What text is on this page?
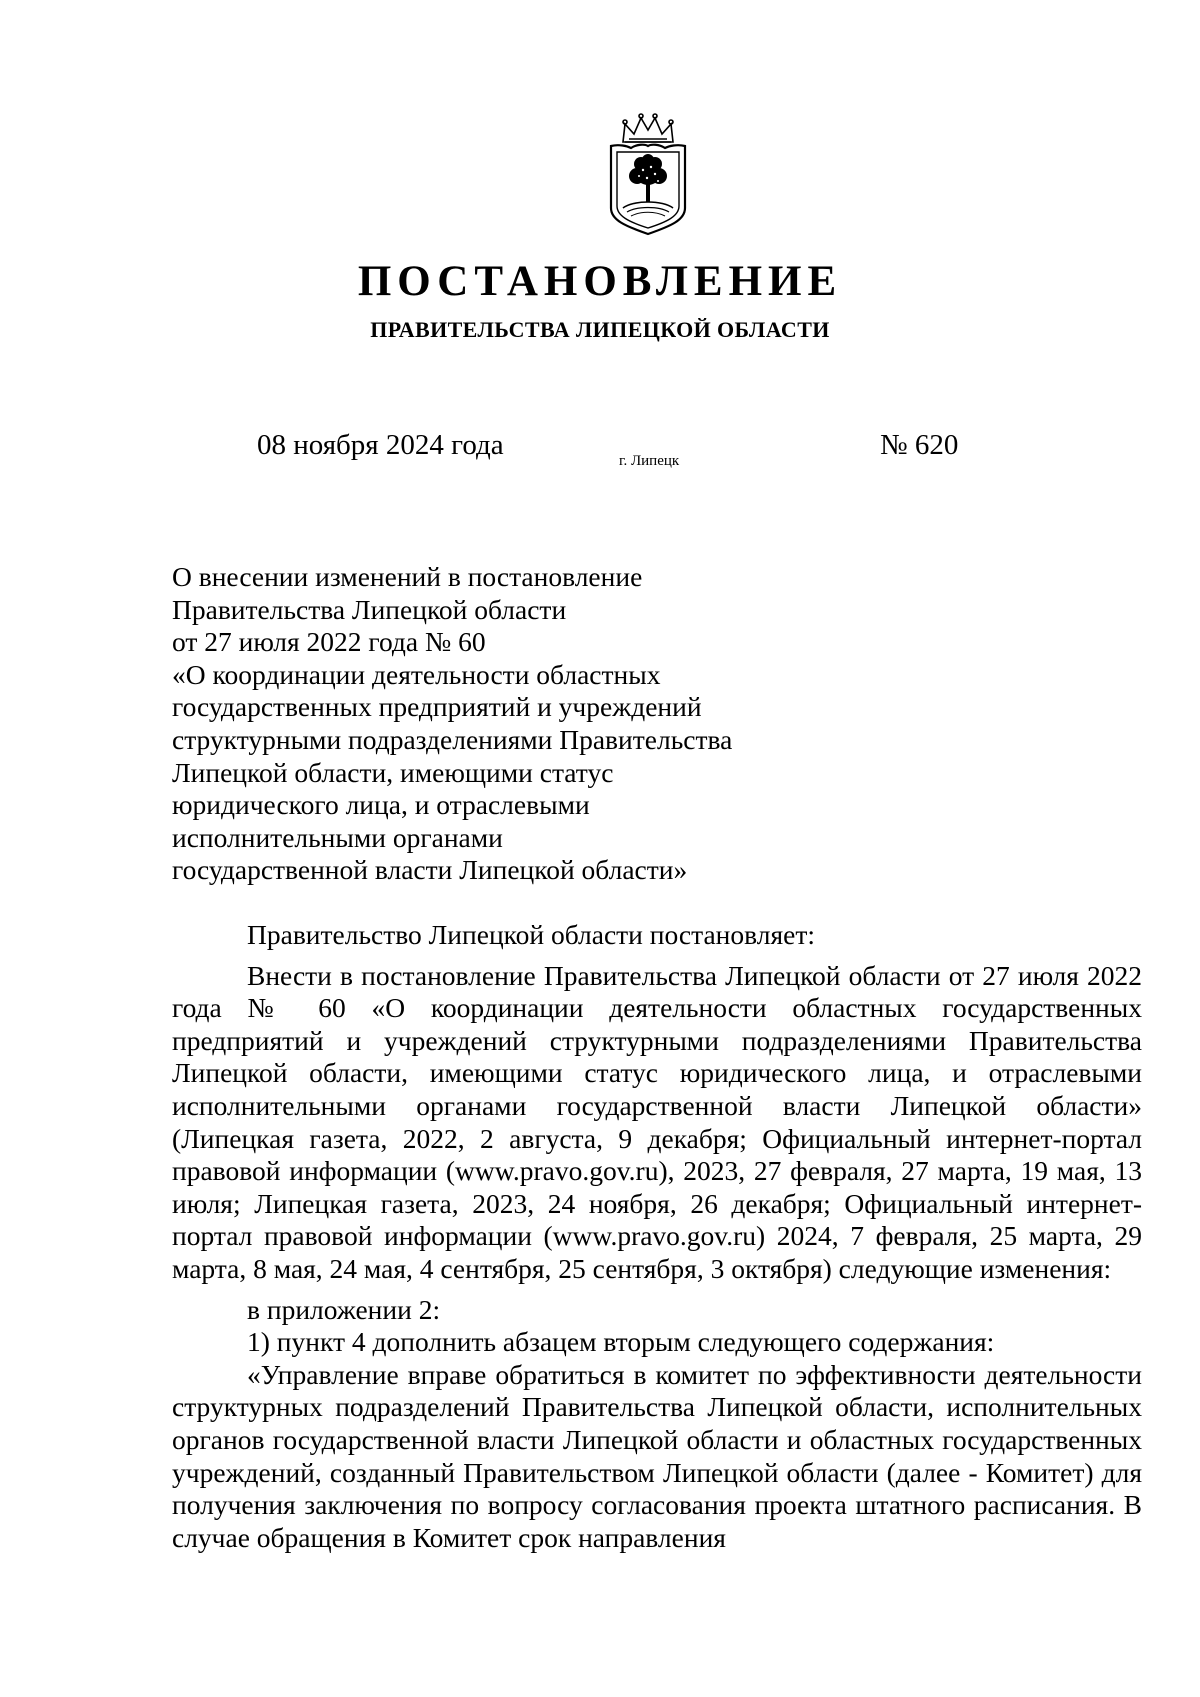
ПОСТАНОВЛЕНИЕ
ПРАВИТЕЛЬСТВА ЛИПЕЦКОЙ ОБЛАСТИ
08 ноября 2024 года	г. Липецк	№ 620
О внесении изменений в постановление
Правительства Липецкой области
от 27 июля 2022 года № 60
«О координации деятельности областных
государственных предприятий и учреждений
структурными подразделениями Правительства
Липецкой области, имеющими статус
юридического лица, и отраслевыми
исполнительными органами
государственной власти Липецкой области»

Правительство Липецкой области постановляет:

Внести в постановление Правительства Липецкой области от 27 июля 2022 года № 60 «О координации деятельности областных государственных предприятий и учреждений структурными подразделениями Правительства Липецкой области, имеющими статус юридического лица, и отраслевыми исполнительными органами государственной власти Липецкой области» (Липецкая газета, 2022, 2 августа, 9 декабря; Официальный интернет-портал правовой информации (www.pravo.gov.ru), 2023, 27 февраля, 27 марта, 19 мая, 13 июля; Липецкая газета, 2023, 24 ноября, 26 декабря; Официальный интернет-портал правовой информации (www.pravo.gov.ru) 2024, 7 февраля, 25 марта, 29 марта, 8 мая, 24 мая, 4 сентября, 25 сентября, 3 октября) следующие изменения:

в приложении 2:

1) пункт 4 дополнить абзацем вторым следующего содержания:

«Управление вправе обратиться в комитет по эффективности деятельности структурных подразделений Правительства Липецкой области, исполнительных органов государственной власти Липецкой области и областных государственных учреждений, созданный Правительством Липецкой области (далее - Комитет) для получения заключения по вопросу согласования проекта штатного расписания. В случае обращения в Комитет срок направления
